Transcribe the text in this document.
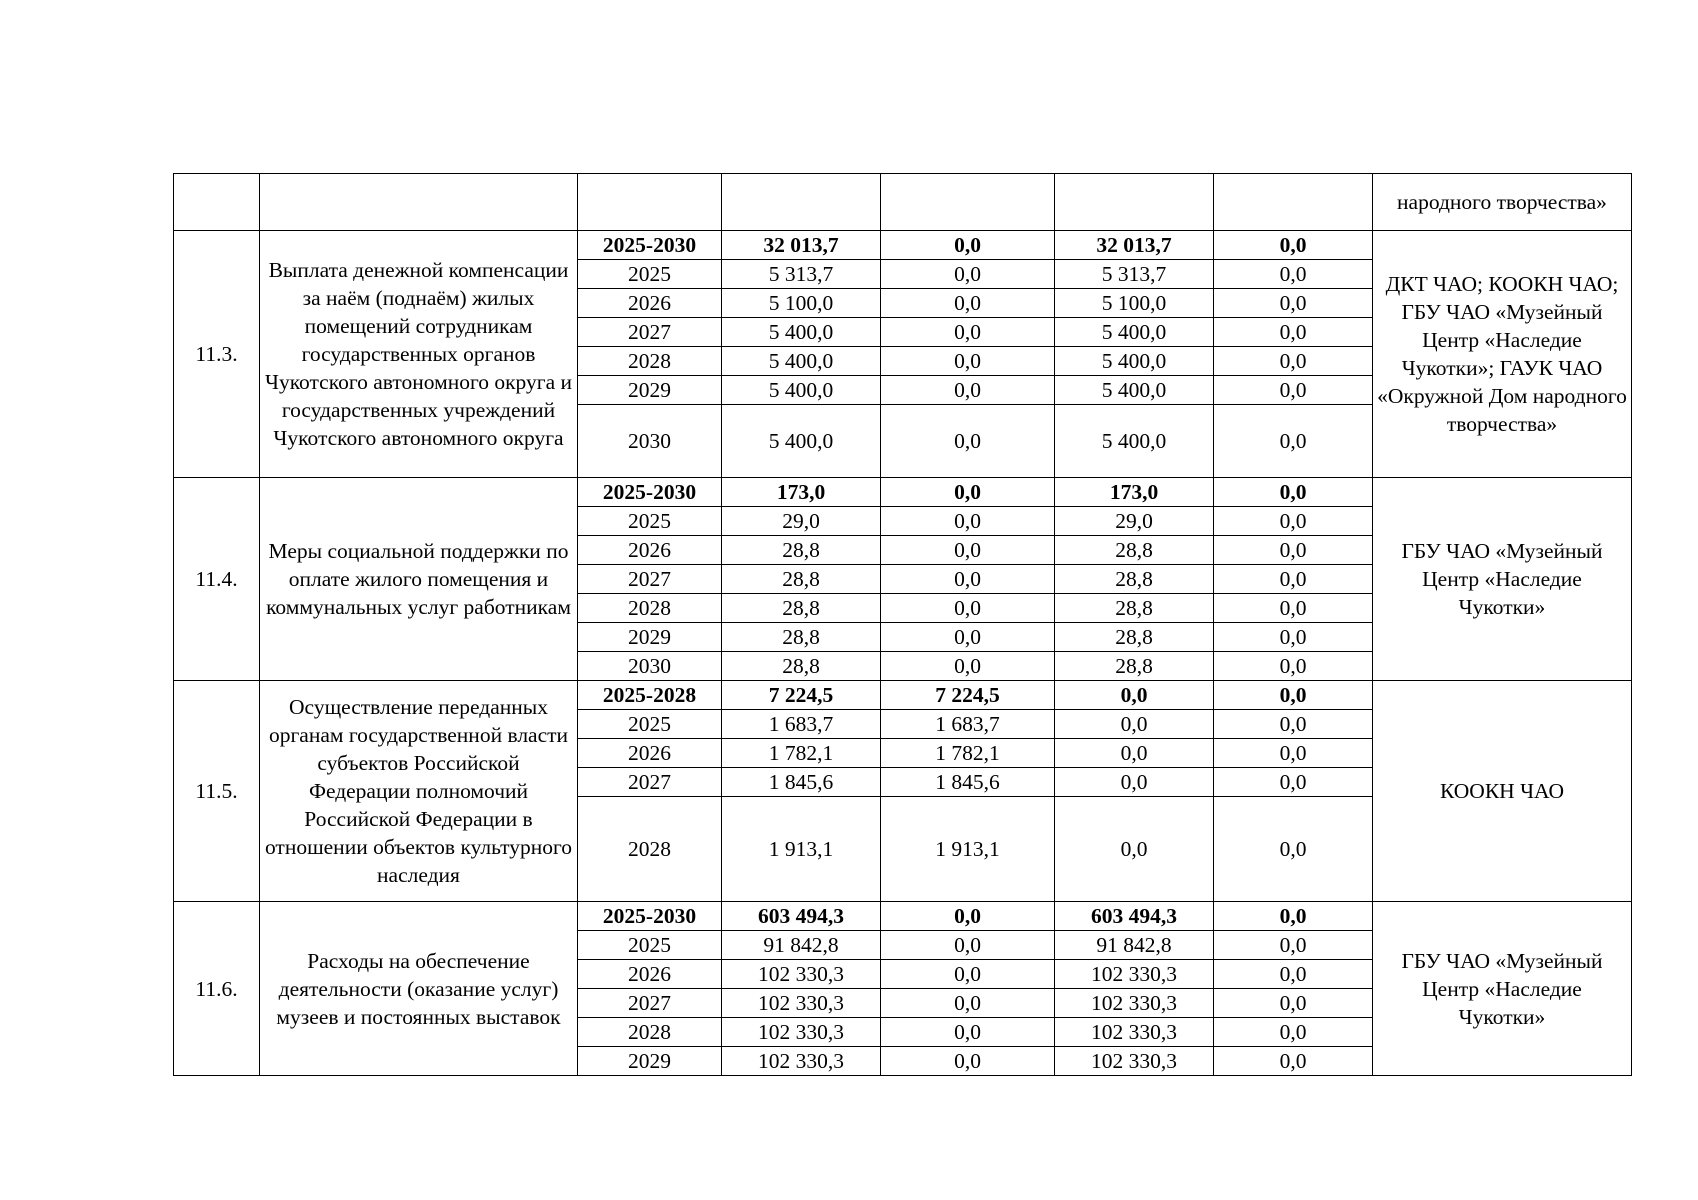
							народного творчества»
11.3.	Выплата денежной компенсации за наём (поднаём) жилых помещений сотрудникам государственных органов Чукотского автономного округа и государственных учреждений Чукотского автономного округа	2025-2030	32 013,7	0,0	32 013,7	0,0	ДКТ ЧАО; КООКН ЧАО; ГБУ ЧАО «Музейный Центр «Наследие Чукотки»; ГАУК ЧАО «Окружной Дом народного творчества»
		2025	5 313,7	0,0	5 313,7	0,0	
		2026	5 100,0	0,0	5 100,0	0,0	
		2027	5 400,0	0,0	5 400,0	0,0	
		2028	5 400,0	0,0	5 400,0	0,0	
		2029	5 400,0	0,0	5 400,0	0,0	
		2030	5 400,0	0,0	5 400,0	0,0	
11.4.	Меры социальной поддержки по оплате жилого помещения и коммунальных услуг работникам	2025-2030	173,0	0,0	173,0	0,0	ГБУ ЧАО «Музейный Центр «Наследие Чукотки»
		2025	29,0	0,0	29,0	0,0	
		2026	28,8	0,0	28,8	0,0	
		2027	28,8	0,0	28,8	0,0	
		2028	28,8	0,0	28,8	0,0	
		2029	28,8	0,0	28,8	0,0	
		2030	28,8	0,0	28,8	0,0	
11.5.	Осуществление переданных органам государственной власти субъектов Российской Федерации полномочий Российской Федерации в отношении объектов культурного наследия	2025-2028	7 224,5	7 224,5	0,0	0,0	КООКН ЧАО
		2025	1 683,7	1 683,7	0,0	0,0	
		2026	1 782,1	1 782,1	0,0	0,0	
		2027	1 845,6	1 845,6	0,0	0,0	
		2028	1 913,1	1 913,1	0,0	0,0	
11.6.	Расходы на обеспечение деятельности (оказание услуг) музеев и постоянных выставок	2025-2030	603 494,3	0,0	603 494,3	0,0	ГБУ ЧАО «Музейный Центр «Наследие Чукотки»
		2025	91 842,8	0,0	91 842,8	0,0	
		2026	102 330,3	0,0	102 330,3	0,0	
		2027	102 330,3	0,0	102 330,3	0,0	
		2028	102 330,3	0,0	102 330,3	0,0	
		2029	102 330,3	0,0	102 330,3	0,0	
